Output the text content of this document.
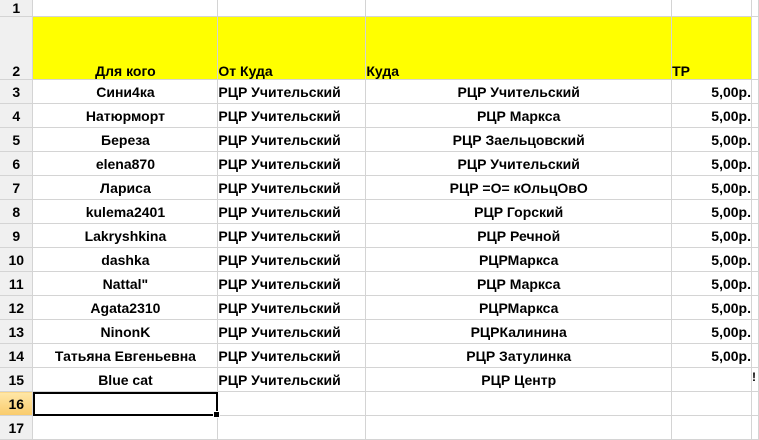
1					
2	Для кого	От Куда	Куда	ТР	
3	Сини4ка	РЦР Учительский	РЦР Учительский	5,00р.	
4	Натюрморт	РЦР Учительский	РЦР Маркса	5,00р.	
5	Береза	РЦР Учительский	РЦР Заельцовский	5,00р.	
6	elena870	РЦР Учительский	РЦР Учительский	5,00р.	
7	Лариса	РЦР Учительский	РЦР =О= кОльцОвО	5,00р.	
8	kulema2401	РЦР Учительский	РЦР Горский	5,00р.	
9	Lakryshkina	РЦР Учительский	РЦР Речной	5,00р.	
10	dashka	РЦР Учительский	РЦРМаркса	5,00р.	
11	Nattal"	РЦР Учительский	РЦР Маркса	5,00р.	
12	Agata2310	РЦР Учительский	РЦРМаркса	5,00р.	
13	NinonK	РЦР Учительский	РЦРКалинина	5,00р.	
14	Татьяна Евгеньевна	РЦР Учительский	РЦР Затулинка	5,00р.	
15	Blue cat	РЦР Учительский	РЦР Центр		
16					
17					
!
